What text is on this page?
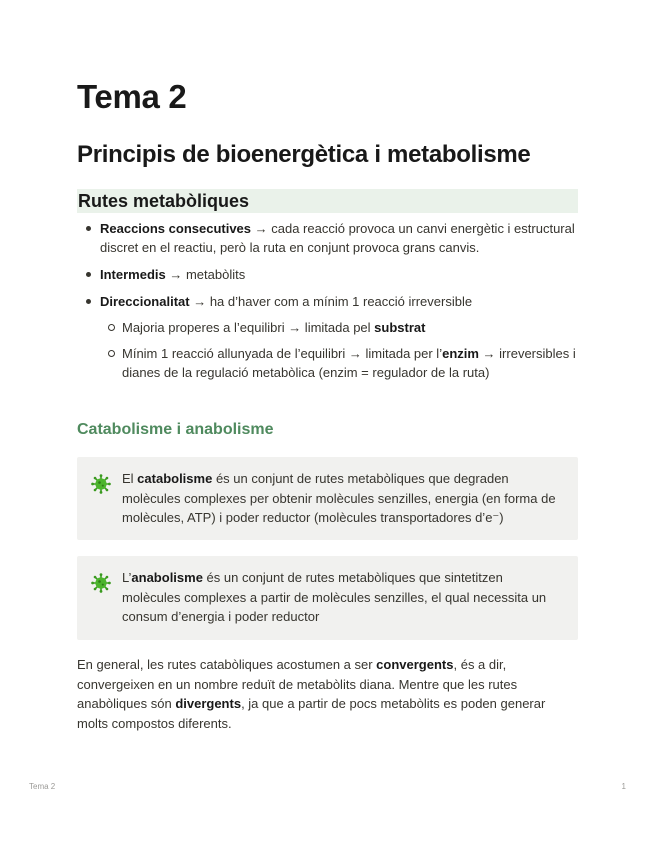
Tema 2
Principis de bioenergètica i metabolisme
Rutes metabòliques
Reaccions consecutives → cada reacció provoca un canvi energètic i estructural discret en el reactiu, però la ruta en conjunt provoca grans canvis.
Intermedis → metabòlits
Direccionalitat → ha d’haver com a mínim 1 reacció irreversible
Majoria properes a l’equilibri → limitada pel substrat
Mínim 1 reacció allunyada de l’equilibri → limitada per l’enzim → irreversibles i dianes de la regulació metabòlica (enzim = regulador de la ruta)
Catabolisme i anabolisme
El catabolisme és un conjunt de rutes metabòliques que degraden molècules complexes per obtenir molècules senzilles, energia (en forma de molècules, ATP) i poder reductor (molècules transportadores d’e⁻)
L’anabolisme és un conjunt de rutes metabòliques que sintetitzen molècules complexes a partir de molècules senzilles, el qual necessita un consum d’energia i poder reductor

En general, les rutes catabòliques acostumen a ser convergents, és a dir, convergeixen en un nombre reduït de metabòlits diana. Mentre que les rutes anabòliques són divergents, ja que a partir de pocs metabòlits es poden generar molts compostos diferents.

Tema 2	1
